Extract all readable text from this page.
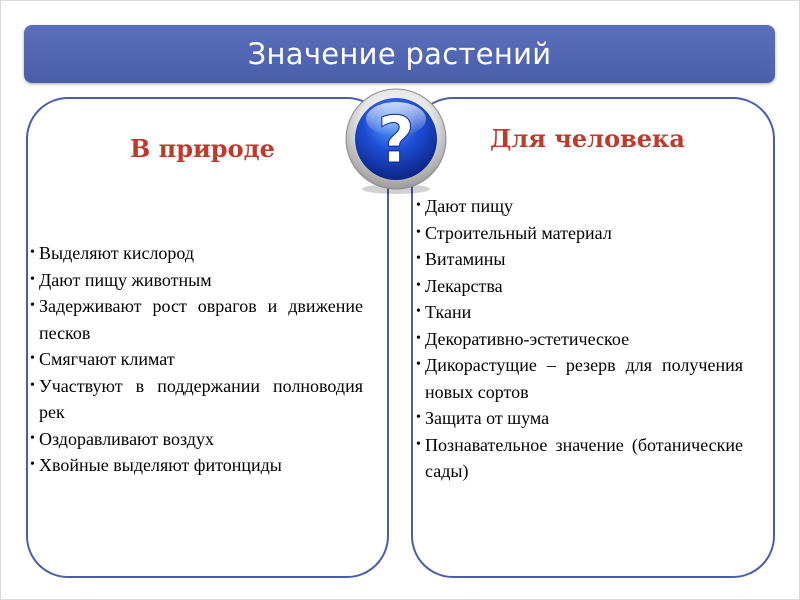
Значение растений
В природе	Для человека
• Выделяют кислород
• Дают пищу животным
• Задерживают рост оврагов и движение песков
• Смягчают климат
• Участвуют в поддержании полноводия рек
• Оздоравливают воздух
• Хвойные выделяют фитонциды
• Дают пищу
• Строительный материал
• Витамины
• Лекарства
• Ткани
• Декоративно-эстетическое
• Дикорастущие – резерв для получения новых сортов
• Защита от шума
• Познавательное значение (ботанические сады)
?
